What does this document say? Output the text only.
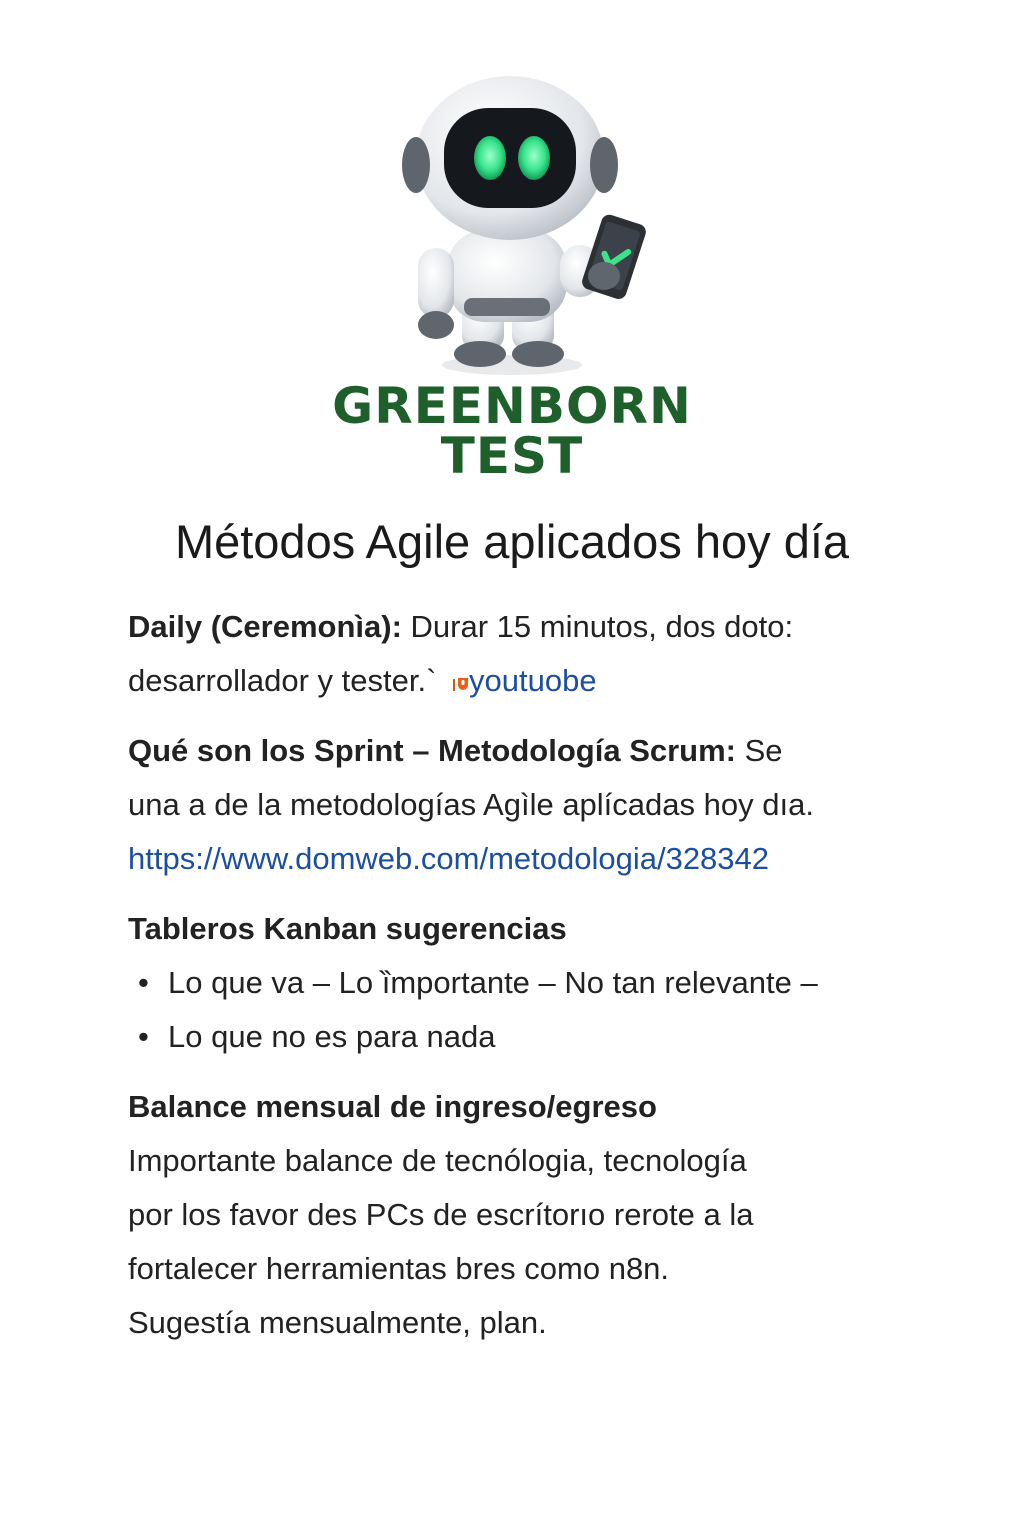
GREENBORN
TEST
Métodos Agile aplicados hoy día
Daily (Ceremonìa): Durar 15 minutos, dos doto:
desarrollador y tester.` youtuobe
Qué son los Sprint – Metodología Scrum: Se
una a de la metodologías Agìle aplícadas hoy dıa.
https://www.domweb.com/metodologia/328342
Tableros Kanban sugerencias
• Lo que va – Lo ȉmportante – No tan relevante –
• Lo que no es para nada
Balance mensual de ingreso/egreso
Importante balance de tecnólogia, tecnología
por los favor des PCs de escrítorıo rerote a la
fortalecer herramientas bres como n8n.
Sugestía mensualmente, plan.
